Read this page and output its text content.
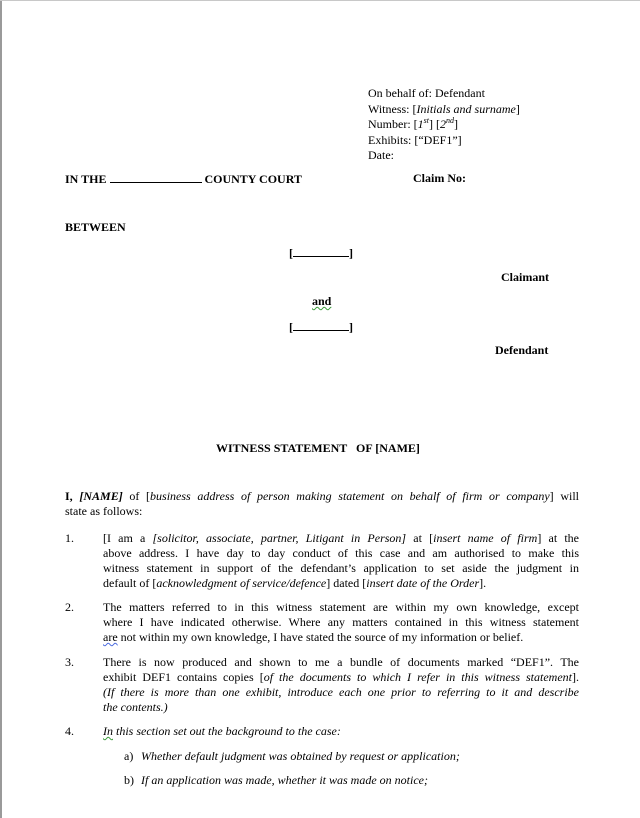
On behalf of: Defendant
Witness: [Initials and surname]
Number: [1st] [2nd]
Exhibits: [“DEF1”]
Date:
IN THE	COUNTY COURT	Claim No:
BETWEEN
[	]
Claimant
and
[	]
Defendant
WITNESS STATEMENT   OF [NAME]
I, [NAME] of [business address of person making statement on behalf of firm or company] will
state as follows:
1. [I am a [solicitor, associate, partner, Litigant in Person] at [insert name of firm] at the
above address. I have day to day conduct of this case and am authorised to make this
witness statement in support of the defendant’s application to set aside the judgment in
default of [acknowledgment of service/defence] dated [insert date of the Order].
2. The matters referred to in this witness statement are within my own knowledge, except
where I have indicated otherwise. Where any matters contained in this witness statement
are not within my own knowledge, I have stated the source of my information or belief.
3. There is now produced and shown to me a bundle of documents marked “DEF1”. The
exhibit DEF1 contains copies [of the documents to which I refer in this witness statement].
(If there is more than one exhibit, introduce each one prior to referring to it and describe
the contents.)
4. In this section set out the background to the case:
a) Whether default judgment was obtained by request or application;
b) If an application was made, whether it was made on notice;
